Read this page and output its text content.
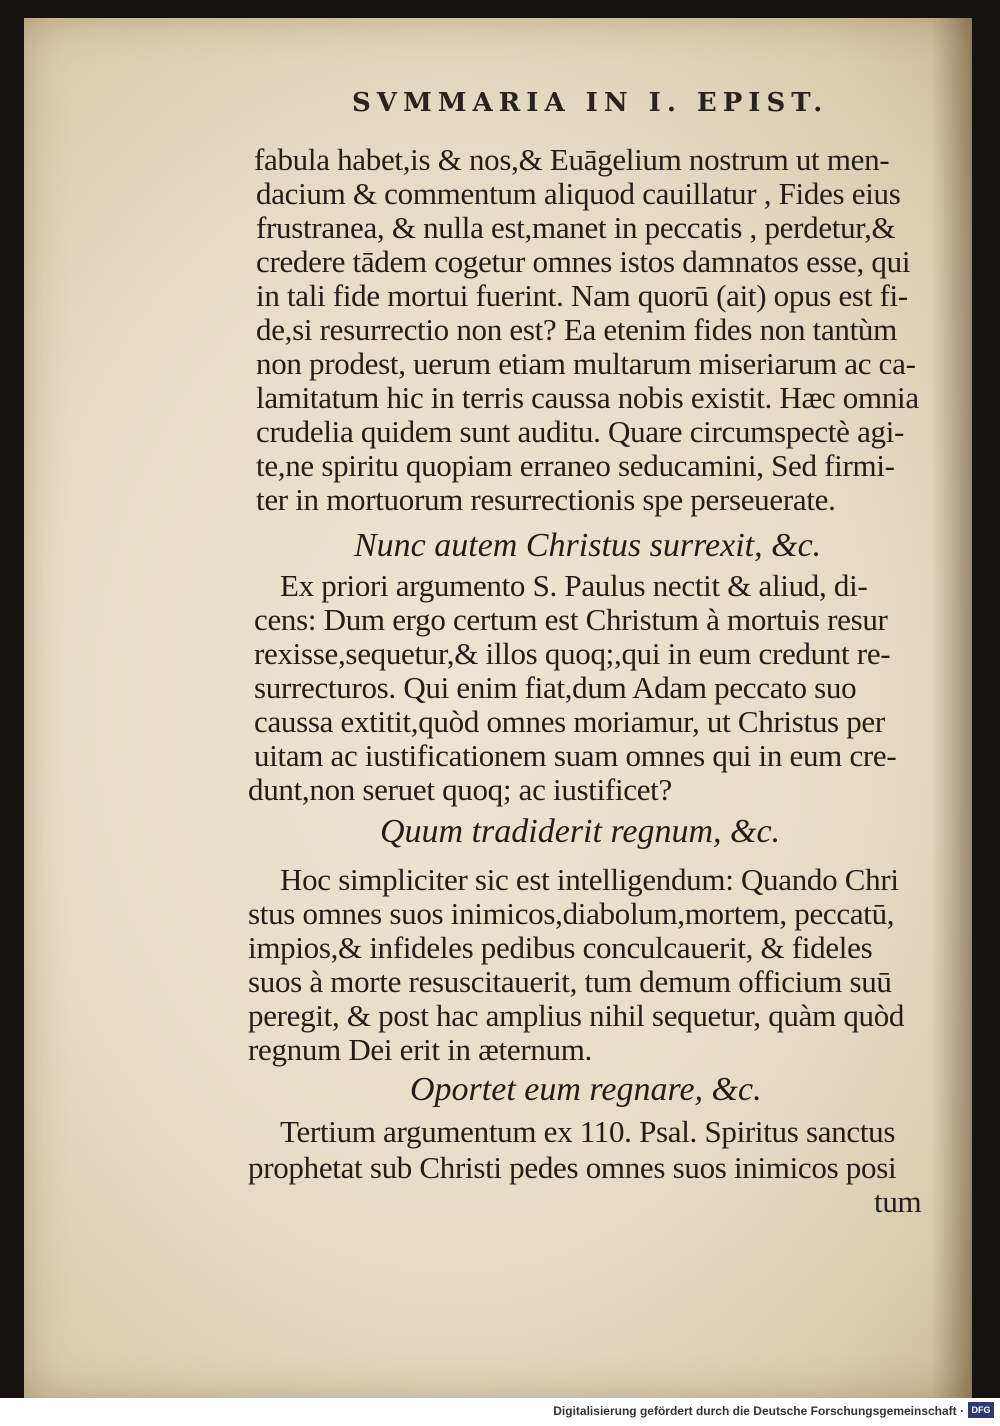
SVMMARIA IN I. EPIST.
fabula habet,is & nos,& Euāgelium nostrum ut men-
dacium & commentum aliquod cauillatur , Fides eius
frustranea, & nulla est,manet in peccatis , perdetur,&
credere tādem cogetur omnes istos damnatos esse, qui
in tali fide mortui fuerint. Nam quorū (ait) opus est fi-
de,si resurrectio non est? Ea etenim fides non tantùm
non prodest, uerum etiam multarum miseriarum ac ca-
lamitatum hic in terris caussa nobis existit. Hæc omnia
crudelia quidem sunt auditu. Quare circumspectè agi-
te,ne spiritu quopiam erraneo seducamini, Sed firmi-
ter in mortuorum resurrectionis spe perseuerate.
Nunc autem Christus surrexit, &c.
Ex priori argumento S. Paulus nectit & aliud, di-
cens: Dum ergo certum est Christum à mortuis resur
rexisse,sequetur,& illos quoq;,qui in eum credunt re-
surrecturos. Qui enim fiat,dum Adam peccato suo
caussa extitit,quòd omnes moriamur, ut Christus per
uitam ac iustificationem suam omnes qui in eum cre-
dunt,non seruet quoq; ac iustificet?
Quum tradiderit regnum, &c.
Hoc simpliciter sic est intelligendum: Quando Chri
stus omnes suos inimicos,diabolum,mortem, peccatū,
impios,& infideles pedibus conculcauerit, & fideles
suos à morte resuscitauerit, tum demum officium suū
peregit, & post hac amplius nihil sequetur, quàm quòd
regnum Dei erit in æternum.
Oportet eum regnare, &c.
Tertium argumentum ex 110. Psal. Spiritus sanctus
prophetat sub Christi pedes omnes suos inimicos posi
tum
Digitalisierung gefördert durch die Deutsche Forschungsgemeinschaft · DFG
